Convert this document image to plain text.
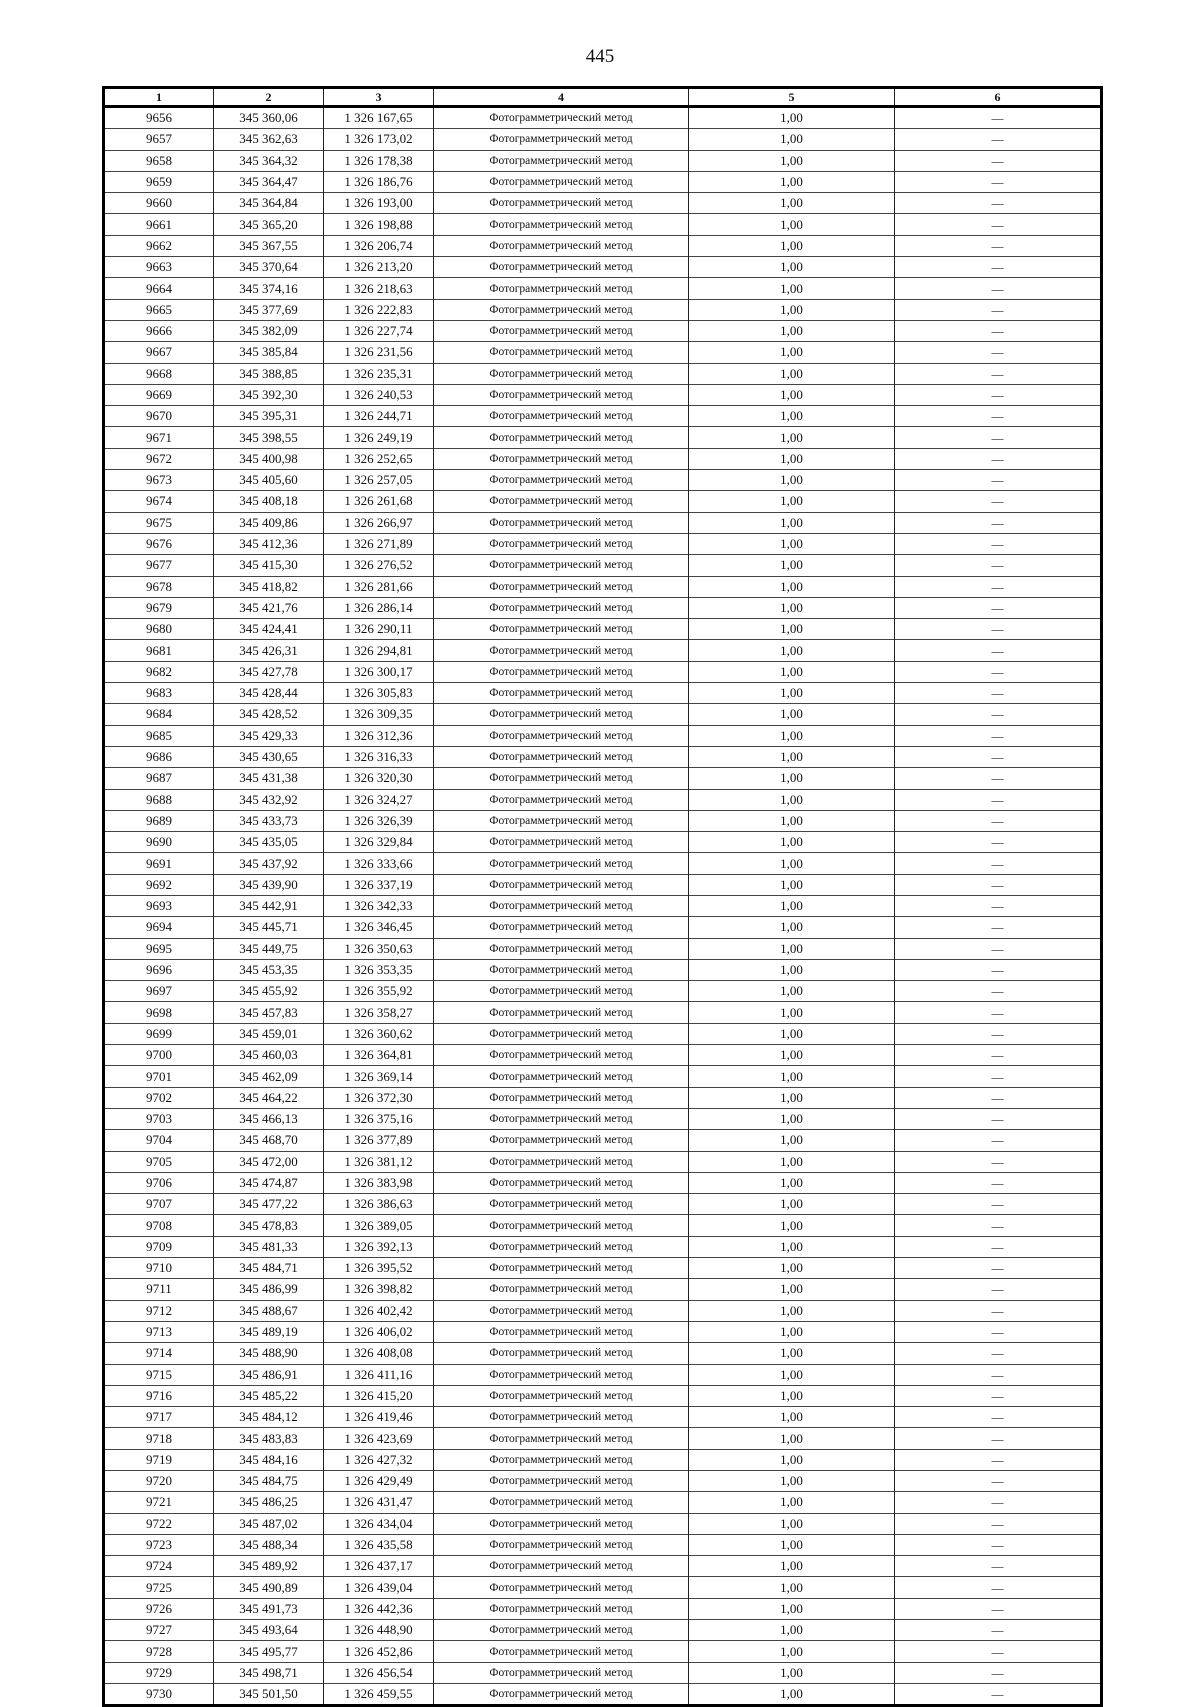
445
1	2	3	4	5	6
9656	345 360,06	1 326 167,65	Фотограмметрический метод	1,00	—
9657	345 362,63	1 326 173,02	Фотограмметрический метод	1,00	—
9658	345 364,32	1 326 178,38	Фотограмметрический метод	1,00	—
9659	345 364,47	1 326 186,76	Фотограмметрический метод	1,00	—
9660	345 364,84	1 326 193,00	Фотограмметрический метод	1,00	—
9661	345 365,20	1 326 198,88	Фотограмметрический метод	1,00	—
9662	345 367,55	1 326 206,74	Фотограмметрический метод	1,00	—
9663	345 370,64	1 326 213,20	Фотограмметрический метод	1,00	—
9664	345 374,16	1 326 218,63	Фотограмметрический метод	1,00	—
9665	345 377,69	1 326 222,83	Фотограмметрический метод	1,00	—
9666	345 382,09	1 326 227,74	Фотограмметрический метод	1,00	—
9667	345 385,84	1 326 231,56	Фотограмметрический метод	1,00	—
9668	345 388,85	1 326 235,31	Фотограмметрический метод	1,00	—
9669	345 392,30	1 326 240,53	Фотограмметрический метод	1,00	—
9670	345 395,31	1 326 244,71	Фотограмметрический метод	1,00	—
9671	345 398,55	1 326 249,19	Фотограмметрический метод	1,00	—
9672	345 400,98	1 326 252,65	Фотограмметрический метод	1,00	—
9673	345 405,60	1 326 257,05	Фотограмметрический метод	1,00	—
9674	345 408,18	1 326 261,68	Фотограмметрический метод	1,00	—
9675	345 409,86	1 326 266,97	Фотограмметрический метод	1,00	—
9676	345 412,36	1 326 271,89	Фотограмметрический метод	1,00	—
9677	345 415,30	1 326 276,52	Фотограмметрический метод	1,00	—
9678	345 418,82	1 326 281,66	Фотограмметрический метод	1,00	—
9679	345 421,76	1 326 286,14	Фотограмметрический метод	1,00	—
9680	345 424,41	1 326 290,11	Фотограмметрический метод	1,00	—
9681	345 426,31	1 326 294,81	Фотограмметрический метод	1,00	—
9682	345 427,78	1 326 300,17	Фотограмметрический метод	1,00	—
9683	345 428,44	1 326 305,83	Фотограмметрический метод	1,00	—
9684	345 428,52	1 326 309,35	Фотограмметрический метод	1,00	—
9685	345 429,33	1 326 312,36	Фотограмметрический метод	1,00	—
9686	345 430,65	1 326 316,33	Фотограмметрический метод	1,00	—
9687	345 431,38	1 326 320,30	Фотограмметрический метод	1,00	—
9688	345 432,92	1 326 324,27	Фотограмметрический метод	1,00	—
9689	345 433,73	1 326 326,39	Фотограмметрический метод	1,00	—
9690	345 435,05	1 326 329,84	Фотограмметрический метод	1,00	—
9691	345 437,92	1 326 333,66	Фотограмметрический метод	1,00	—
9692	345 439,90	1 326 337,19	Фотограмметрический метод	1,00	—
9693	345 442,91	1 326 342,33	Фотограмметрический метод	1,00	—
9694	345 445,71	1 326 346,45	Фотограмметрический метод	1,00	—
9695	345 449,75	1 326 350,63	Фотограмметрический метод	1,00	—
9696	345 453,35	1 326 353,35	Фотограмметрический метод	1,00	—
9697	345 455,92	1 326 355,92	Фотограмметрический метод	1,00	—
9698	345 457,83	1 326 358,27	Фотограмметрический метод	1,00	—
9699	345 459,01	1 326 360,62	Фотограмметрический метод	1,00	—
9700	345 460,03	1 326 364,81	Фотограмметрический метод	1,00	—
9701	345 462,09	1 326 369,14	Фотограмметрический метод	1,00	—
9702	345 464,22	1 326 372,30	Фотограмметрический метод	1,00	—
9703	345 466,13	1 326 375,16	Фотограмметрический метод	1,00	—
9704	345 468,70	1 326 377,89	Фотограмметрический метод	1,00	—
9705	345 472,00	1 326 381,12	Фотограмметрический метод	1,00	—
9706	345 474,87	1 326 383,98	Фотограмметрический метод	1,00	—
9707	345 477,22	1 326 386,63	Фотограмметрический метод	1,00	—
9708	345 478,83	1 326 389,05	Фотограмметрический метод	1,00	—
9709	345 481,33	1 326 392,13	Фотограмметрический метод	1,00	—
9710	345 484,71	1 326 395,52	Фотограмметрический метод	1,00	—
9711	345 486,99	1 326 398,82	Фотограмметрический метод	1,00	—
9712	345 488,67	1 326 402,42	Фотограмметрический метод	1,00	—
9713	345 489,19	1 326 406,02	Фотограмметрический метод	1,00	—
9714	345 488,90	1 326 408,08	Фотограмметрический метод	1,00	—
9715	345 486,91	1 326 411,16	Фотограмметрический метод	1,00	—
9716	345 485,22	1 326 415,20	Фотограмметрический метод	1,00	—
9717	345 484,12	1 326 419,46	Фотограмметрический метод	1,00	—
9718	345 483,83	1 326 423,69	Фотограмметрический метод	1,00	—
9719	345 484,16	1 326 427,32	Фотограмметрический метод	1,00	—
9720	345 484,75	1 326 429,49	Фотограмметрический метод	1,00	—
9721	345 486,25	1 326 431,47	Фотограмметрический метод	1,00	—
9722	345 487,02	1 326 434,04	Фотограмметрический метод	1,00	—
9723	345 488,34	1 326 435,58	Фотограмметрический метод	1,00	—
9724	345 489,92	1 326 437,17	Фотограмметрический метод	1,00	—
9725	345 490,89	1 326 439,04	Фотограмметрический метод	1,00	—
9726	345 491,73	1 326 442,36	Фотограмметрический метод	1,00	—
9727	345 493,64	1 326 448,90	Фотограмметрический метод	1,00	—
9728	345 495,77	1 326 452,86	Фотограмметрический метод	1,00	—
9729	345 498,71	1 326 456,54	Фотограмметрический метод	1,00	—
9730	345 501,50	1 326 459,55	Фотограмметрический метод	1,00	—
